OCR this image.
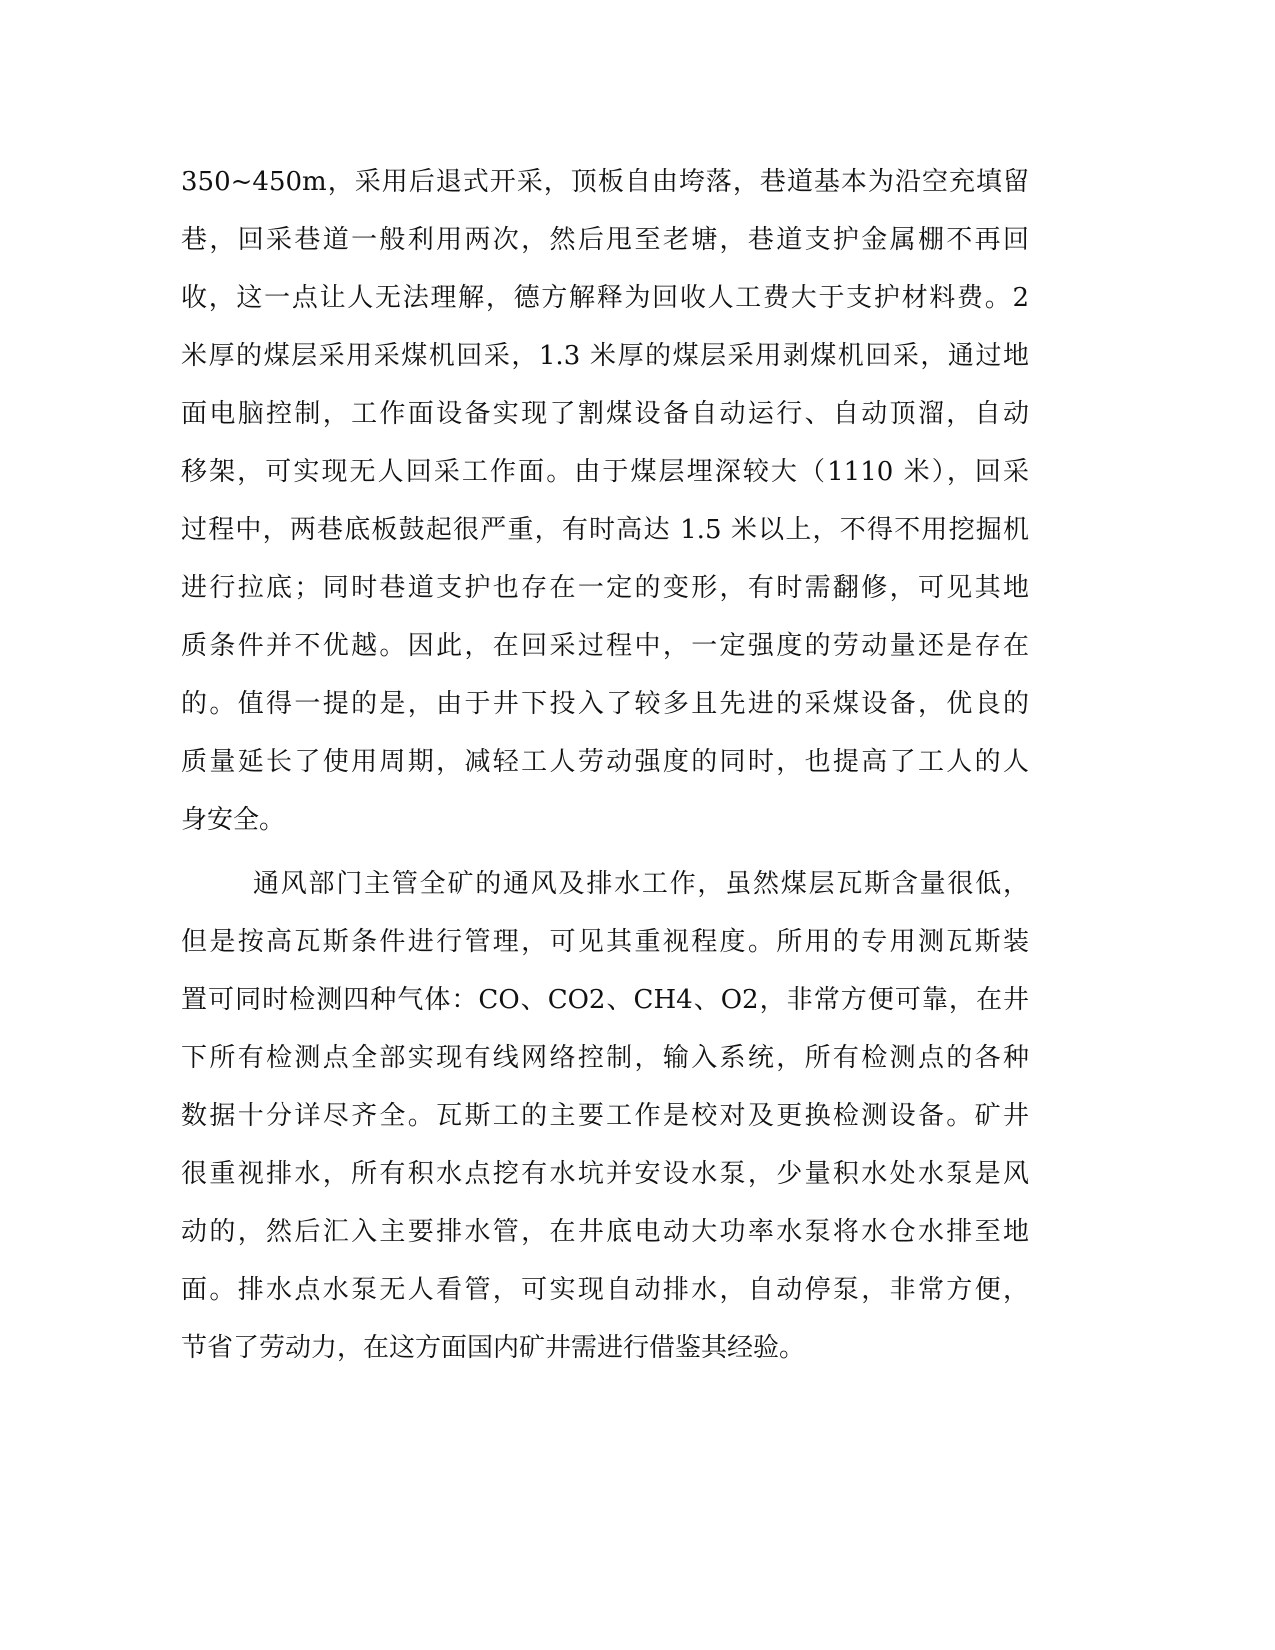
350~450m，采用后退式开采，顶板自由垮落，巷道基本为沿空充填留
巷，回采巷道一般利用两次，然后甩至老塘，巷道支护金属棚不再回
收，这一点让人无法理解，德方解释为回收人工费大于支护材料费。2
米厚的煤层采用采煤机回采，1.3 米厚的煤层采用剥煤机回采，通过地
面电脑控制，工作面设备实现了割煤设备自动运行、自动顶溜，自动
移架，可实现无人回采工作面。由于煤层埋深较大（1110 米），回采
过程中，两巷底板鼓起很严重，有时高达 1.5 米以上，不得不用挖掘机
进行拉底；同时巷道支护也存在一定的变形，有时需翻修，可见其地
质条件并不优越。因此，在回采过程中，一定强度的劳动量还是存在
的。值得一提的是，由于井下投入了较多且先进的采煤设备，优良的
质量延长了使用周期，减轻工人劳动强度的同时，也提高了工人的人
身安全。
通风部门主管全矿的通风及排水工作，虽然煤层瓦斯含量很低，
但是按高瓦斯条件进行管理，可见其重视程度。所用的专用测瓦斯装
置可同时检测四种气体：CO、CO2、CH4、O2，非常方便可靠，在井
下所有检测点全部实现有线网络控制，输入系统，所有检测点的各种
数据十分详尽齐全。瓦斯工的主要工作是校对及更换检测设备。矿井
很重视排水，所有积水点挖有水坑并安设水泵，少量积水处水泵是风
动的，然后汇入主要排水管，在井底电动大功率水泵将水仓水排至地
面。排水点水泵无人看管，可实现自动排水，自动停泵，非常方便，
节省了劳动力，在这方面国内矿井需进行借鉴其经验。
